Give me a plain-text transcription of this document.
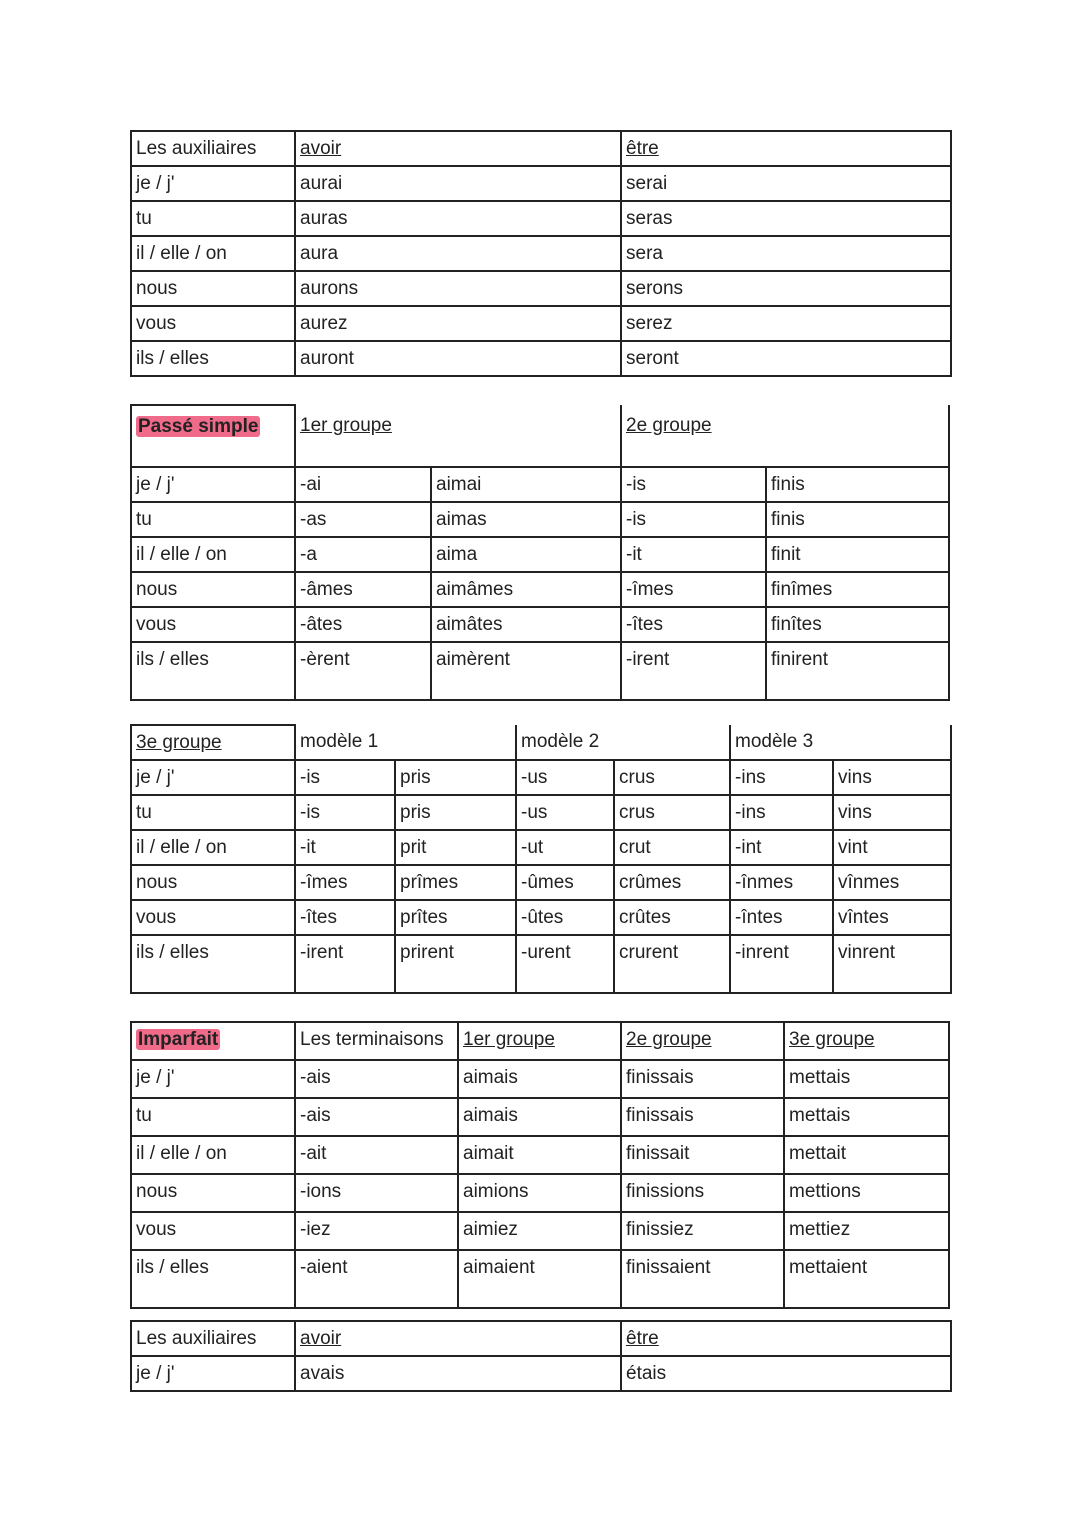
Les auxiliaires	avoir	être
je / j'	aurai	serai
tu	auras	seras
il / elle / on	aura	sera
nous	aurons	serons
vous	aurez	serez
ils / elles	auront	seront
Passé simple	1er groupe		2e groupe	
je / j'	-ai	aimai	-is	finis
tu	-as	aimas	-is	finis
il / elle / on	-a	aima	-it	finit
nous	-âmes	aimâmes	-îmes	finîmes
vous	-âtes	aimâtes	-îtes	finîtes
ils / elles	-èrent	aimèrent	-irent	finirent
3e groupe	modèle 1		modèle 2		modèle 3	
je / j'	-is	pris	-us	crus	-ins	vins
tu	-is	pris	-us	crus	-ins	vins
il / elle / on	-it	prit	-ut	crut	-int	vint
nous	-îmes	prîmes	-ûmes	crûmes	-înmes	vînmes
vous	-îtes	prîtes	-ûtes	crûtes	-întes	vîntes
ils / elles	-irent	prirent	-urent	crurent	-inrent	vinrent
Imparfait	Les terminaisons	1er groupe	2e groupe	3e groupe
je / j'	-ais	aimais	finissais	mettais
tu	-ais	aimais	finissais	mettais
il / elle / on	-ait	aimait	finissait	mettait
nous	-ions	aimions	finissions	mettions
vous	-iez	aimiez	finissiez	mettiez
ils / elles	-aient	aimaient	finissaient	mettaient
Les auxiliaires	avoir	être
je / j'	avais	étais
